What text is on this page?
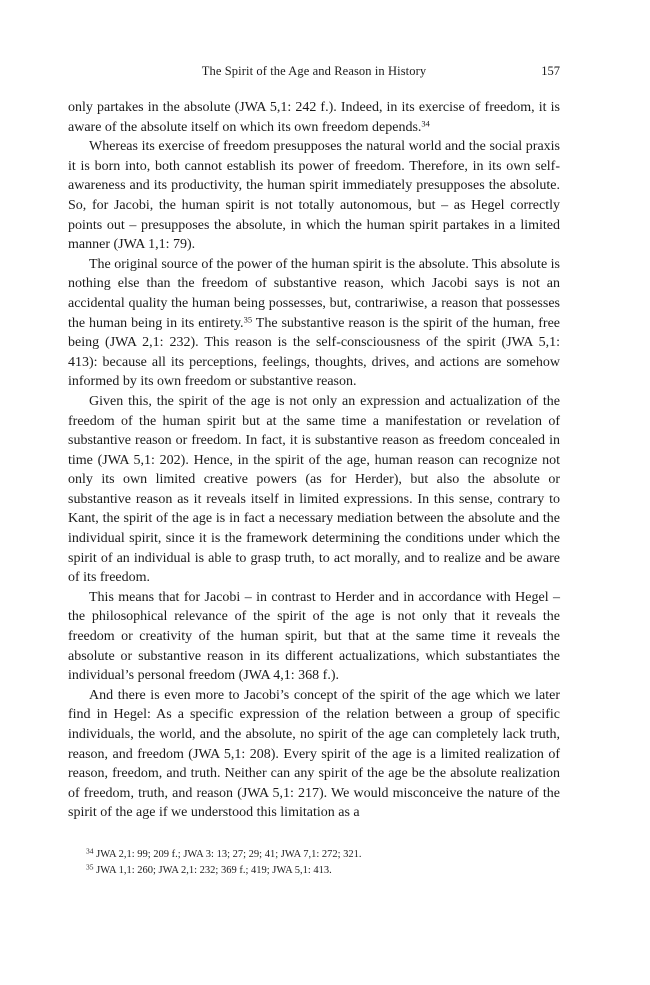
The Spirit of the Age and Reason in History	157

only partakes in the absolute (JWA 5,1: 242 f.). Indeed, in its exercise of freedom, it is aware of the absolute itself on which its own freedom depends.$^{34}$

Whereas its exercise of freedom presupposes the natural world and the social praxis it is born into, both cannot establish its power of freedom. Therefore, in its own self-awareness and its productivity, the human spirit immediately presupposes the absolute. So, for Jacobi, the human spirit is not totally autonomous, but – as Hegel correctly points out – presupposes the absolute, in which the human spirit partakes in a limited manner (JWA 1,1: 79).

The original source of the power of the human spirit is the absolute. This absolute is nothing else than the freedom of substantive reason, which Jacobi says is not an accidental quality the human being possesses, but, contrariwise, a reason that possesses the human being in its entirety.$^{35}$ The substantive reason is the spirit of the human, free being (JWA 2,1: 232). This reason is the self-consciousness of the spirit (JWA 5,1: 413): because all its perceptions, feelings, thoughts, drives, and actions are somehow informed by its own freedom or substantive reason.

Given this, the spirit of the age is not only an expression and actualization of the freedom of the human spirit but at the same time a manifestation or revelation of substantive reason or freedom. In fact, it is substantive reason as freedom concealed in time (JWA 5,1: 202). Hence, in the spirit of the age, human reason can recognize not only its own limited creative powers (as for Herder), but also the absolute or substantive reason as it reveals itself in limited expressions. In this sense, contrary to Kant, the spirit of the age is in fact a necessary mediation between the absolute and the individual spirit, since it is the framework determining the conditions under which the spirit of an individual is able to grasp truth, to act morally, and to realize and be aware of its freedom.

This means that for Jacobi – in contrast to Herder and in accordance with Hegel – the philosophical relevance of the spirit of the age is not only that it reveals the freedom or creativity of the human spirit, but that at the same time it reveals the absolute or substantive reason in its different actualizations, which substantiates the individual’s personal freedom (JWA 4,1: 368 f.).

And there is even more to Jacobi’s concept of the spirit of the age which we later find in Hegel: As a specific expression of the relation between a group of specific individuals, the world, and the absolute, no spirit of the age can completely lack truth, reason, and freedom (JWA 5,1: 208). Every spirit of the age is a limited realization of reason, freedom, and truth. Neither can any spirit of the age be the absolute realization of freedom, truth, and reason (JWA 5,1: 217). We would misconceive the nature of the spirit of the age if we understood this limitation as a

$^{34}$ JWA 2,1: 99; 209 f.; JWA 3: 13; 27; 29; 41; JWA 7,1: 272; 321.
$^{35}$ JWA 1,1: 260; JWA 2,1: 232; 369 f.; 419; JWA 5,1: 413.
